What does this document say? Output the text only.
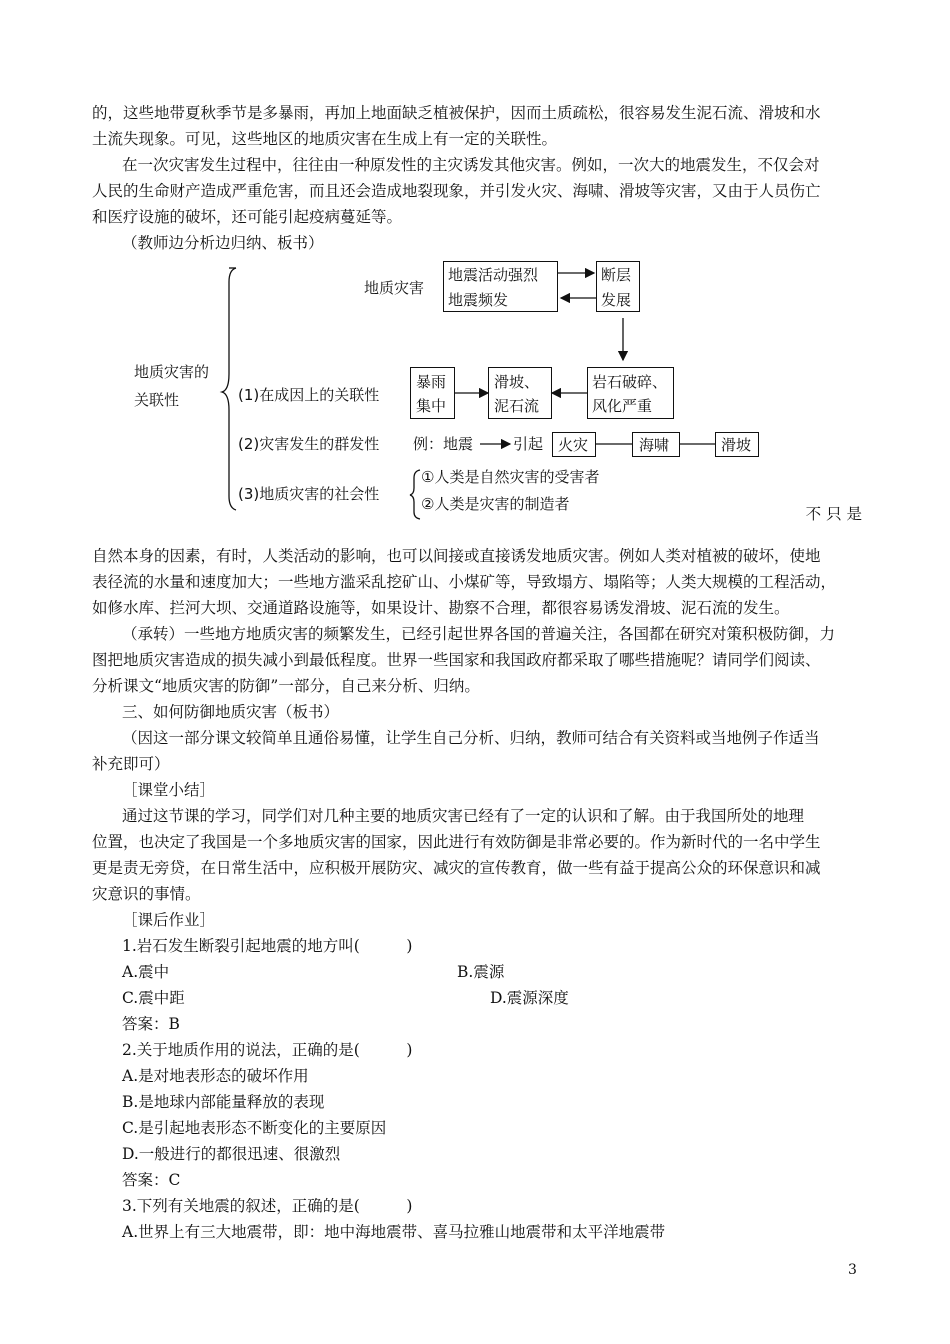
的，这些地带夏秋季节是多暴雨，再加上地面缺乏植被保护，因而土质疏松，很容易发生泥石流、滑坡和水
土流失现象。可见，这些地区的地质灾害在生成上有一定的关联性。
在一次灾害发生过程中，往往由一种原发性的主灾诱发其他灾害。例如，一次大的地震发生，不仅会对
人民的生命财产造成严重危害，而且还会造成地裂现象，并引发火灾、海啸、滑坡等灾害，又由于人员伤亡
和医疗设施的破坏，还可能引起疫病蔓延等。
（教师边分析边归纳、板书）
地质灾害的
关联性
地质灾害
地震活动强烈
地震频发
断层
发展
(1)在成因上的关联性
暴雨
集中
滑坡、
泥石流
岩石破碎、
风化严重
(2)灾害发生的群发性 例：地震	引起 火灾	海啸	滑坡
(3)地质灾害的社会性
①人类是自然灾害的受害者
②人类是灾害的制造者
不 只 是
自然本身的因素，有时，人类活动的影响，也可以间接或直接诱发地质灾害。例如人类对植被的破坏，使地
表径流的水量和速度加大；一些地方滥采乱挖矿山、小煤矿等，导致塌方、塌陷等；人类大规模的工程活动，
如修水库、拦河大坝、交通道路设施等，如果设计、勘察不合理，都很容易诱发滑坡、泥石流的发生。
（承转）一些地方地质灾害的频繁发生，已经引起世界各国的普遍关注，各国都在研究对策积极防御，力
图把地质灾害造成的损失减小到最低程度。世界一些国家和我国政府都采取了哪些措施呢？请同学们阅读、
分析课文“地质灾害的防御”一部分，自己来分析、归纳。
三、如何防御地质灾害（板书）
（因这一部分课文较简单且通俗易懂，让学生自己分析、归纳，教师可结合有关资料或当地例子作适当
补充即可）
［课堂小结］
通过这节课的学习，同学们对几种主要的地质灾害已经有了一定的认识和了解。由于我国所处的地理
位置，也决定了我国是一个多地质灾害的国家，因此进行有效防御是非常必要的。作为新时代的一名中学生
更是责无旁贷，在日常生活中，应积极开展防灾、减灾的宣传教育，做一些有益于提高公众的环保意识和减
灾意识的事情。
［课后作业］
1.岩石发生断裂引起地震的地方叫(　　　)
A.震中	B.震源
C.震中距	D.震源深度
答案：B
2.关于地质作用的说法，正确的是(　　　)
A.是对地表形态的破坏作用
B.是地球内部能量释放的表现
C.是引起地表形态不断变化的主要原因
D.一般进行的都很迅速、很激烈
答案：C
3.下列有关地震的叙述，正确的是(　　　)
A.世界上有三大地震带，即：地中海地震带、喜马拉雅山地震带和太平洋地震带
3
